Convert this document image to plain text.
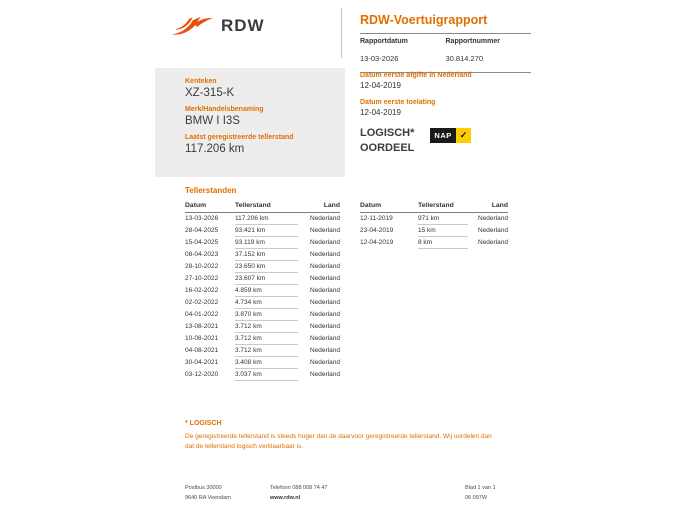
RDW	RDW-Voertuigrapport
Rapportdatum
13-03-2026
Rapportnummer
30.814.270
Kenteken
XZ-315-K
Merk/Handelsbenaming
BMW I I3S
Laatst geregistreerde tellerstand
117.206 km
Datum eerste afgifte in Nederland
12-04-2019
Datum eerste toelating
12-04-2019
LOGISCH*
OORDEEL
NAP ✓
Tellerstanden
Datum	Tellerstand	Land
13-03-2026	117.206 km	Nederland
28-04-2025	93.421 km	Nederland
15-04-2025	93.119 km	Nederland
08-04-2023	37.152 km	Nederland
28-10-2022	23.650 km	Nederland
27-10-2022	23.607 km	Nederland
16-02-2022	4.859 km	Nederland
02-02-2022	4.734 km	Nederland
04-01-2022	3.870 km	Nederland
13-08-2021	3.712 km	Nederland
10-08-2021	3.712 km	Nederland
04-08-2021	3.712 km	Nederland
30-04-2021	3.408 km	Nederland
03-12-2020	3.037 km	Nederland
Datum	Tellerstand	Land
12-11-2019	971 km	Nederland
23-04-2019	15 km	Nederland
12-04-2019	8 km	Nederland
* LOGISCH

De geregistreerde tellerstand is steeds hoger dan de daarvoor geregistreerde tellerstand. Wij oordelen dan dat de tellerstand logisch verklaarbaar is.

Postbus 30000
9640 RA Veendam
Telefoon 088 008 74 47
www.rdw.nl
Blad 1 van 1
06 097W
